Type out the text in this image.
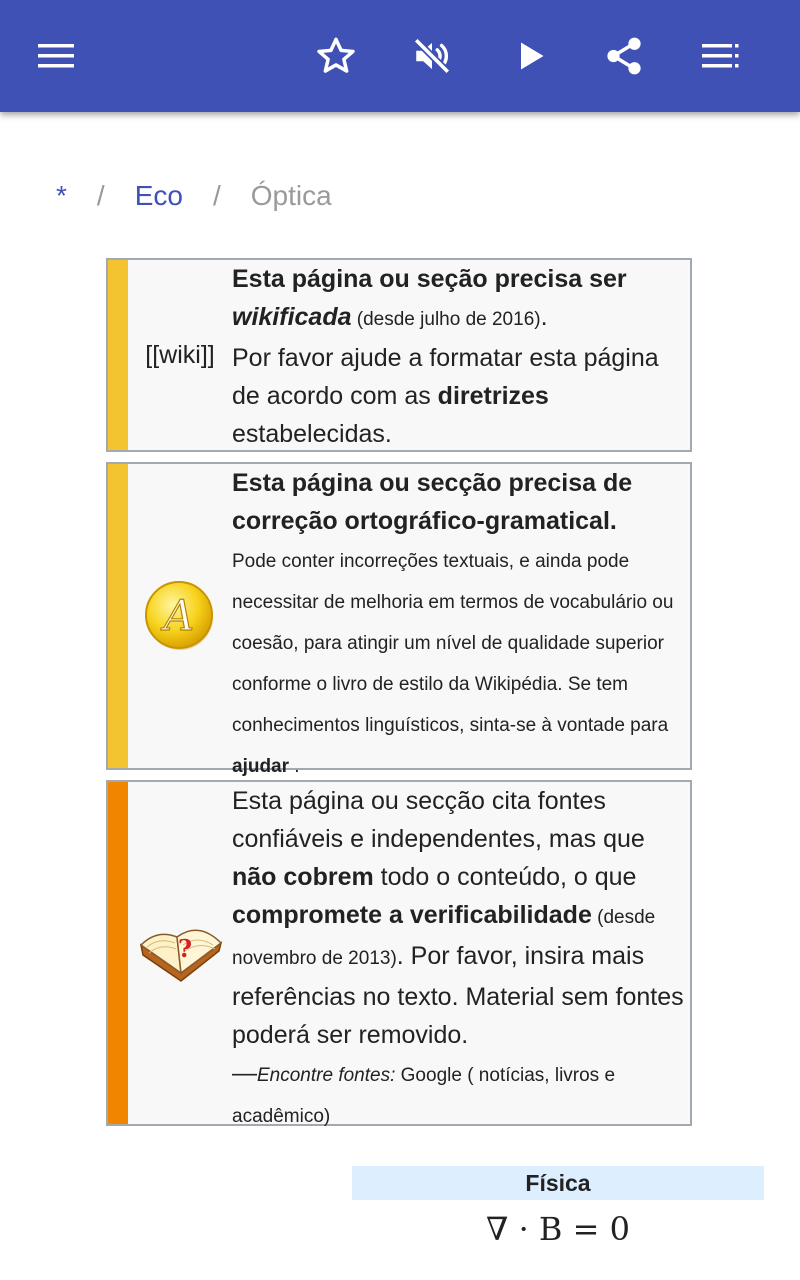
* / Eco / Óptica
[[wiki]]
Esta página ou seção precisa ser wikificada (desde julho de 2016).
Por favor ajude a formatar esta página de acordo com as diretrizes estabelecidas.
A
Esta página ou secção precisa de correção ortográfico-gramatical.
Pode conter incorreções textuais, e ainda pode necessitar de melhoria em termos de vocabulário ou coesão, para atingir um nível de qualidade superior conforme o livro de estilo da Wikipédia. Se tem conhecimentos linguísticos, sinta-se à vontade para ajudar .
?
Esta página ou secção cita fontes confiáveis e independentes, mas que não cobrem todo o conteúdo, o que compromete a verificabilidade (desde novembro de 2013). Por favor, insira mais referências no texto. Material sem fontes poderá ser removido.
—Encontre fontes: Google ( notícias, livros e acadêmico)
Física
∇ · B = 0
